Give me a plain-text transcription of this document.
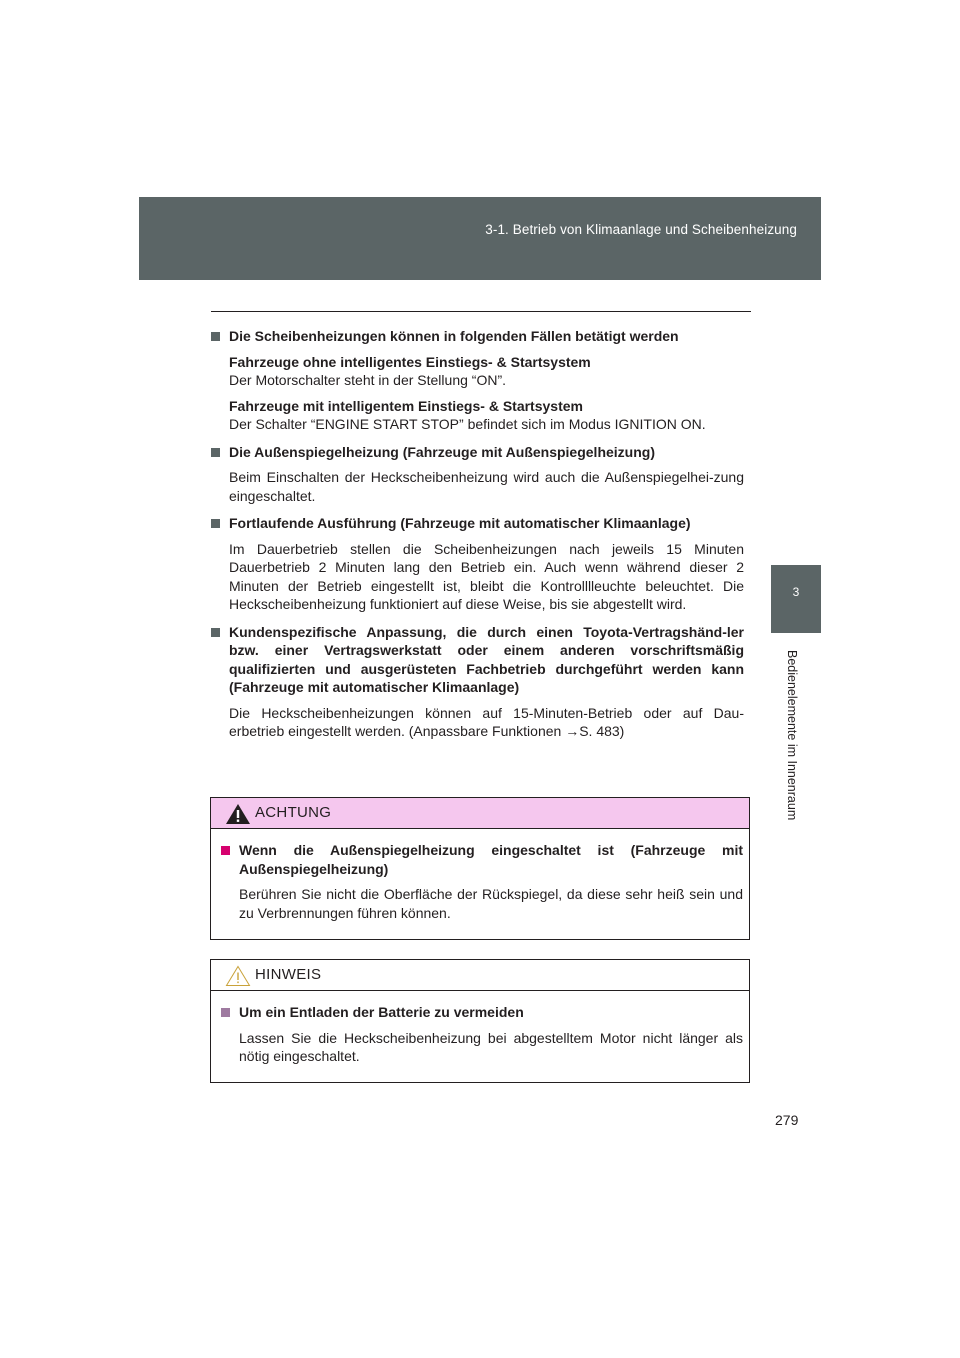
3-1. Betrieb von Klimaanlage und Scheibenheizung
3
Bedienelemente im Innenraum

Die Scheibenheizungen können in folgenden Fällen betätigt werden

Fahrzeuge ohne intelligentes Einstiegs- & Startsystem

Der Motorschalter steht in der Stellung “ON”.

Fahrzeuge mit intelligentem Einstiegs- & Startsystem

Der Schalter “ENGINE START STOP” befindet sich im Modus IGNITION ON.

Die Außenspiegelheizung (Fahrzeuge mit Außenspiegelheizung)

Beim Einschalten der Heckscheibenheizung wird auch die Außenspiegelhei-zung eingeschaltet.

Fortlaufende Ausführung (Fahrzeuge mit automatischer Klimaanlage)

Im Dauerbetrieb stellen die Scheibenheizungen nach jeweils 15 Minuten Dauerbetrieb 2 Minuten lang den Betrieb ein. Auch wenn während dieser 2 Minuten der Betrieb eingestellt ist, bleibt die Kontrolllleuchte beleuchtet. Die Heckscheibenheizung funktioniert auf diese Weise, bis sie abgestellt wird.

Kundenspezifische Anpassung, die durch einen Toyota-Vertragshänd-ler bzw. einer Vertragswerkstatt oder einem anderen vorschriftsmäßig qualifizierten und ausgerüsteten Fachbetrieb durchgeführt werden kann (Fahrzeuge mit automatischer Klimaanlage)

Die Heckscheibenheizungen können auf 15-Minuten-Betrieb oder auf Dau-erbetrieb eingestellt werden. (Anpassbare Funktionen →S. 483)

ACHTUNG

Wenn die Außenspiegelheizung eingeschaltet ist (Fahrzeuge mit Außenspiegelheizung)

Berühren Sie nicht die Oberfläche der Rückspiegel, da diese sehr heiß sein und zu Verbrennungen führen können.

HINWEIS

Um ein Entladen der Batterie zu vermeiden

Lassen Sie die Heckscheibenheizung bei abgestelltem Motor nicht länger als nötig eingeschaltet.

279
